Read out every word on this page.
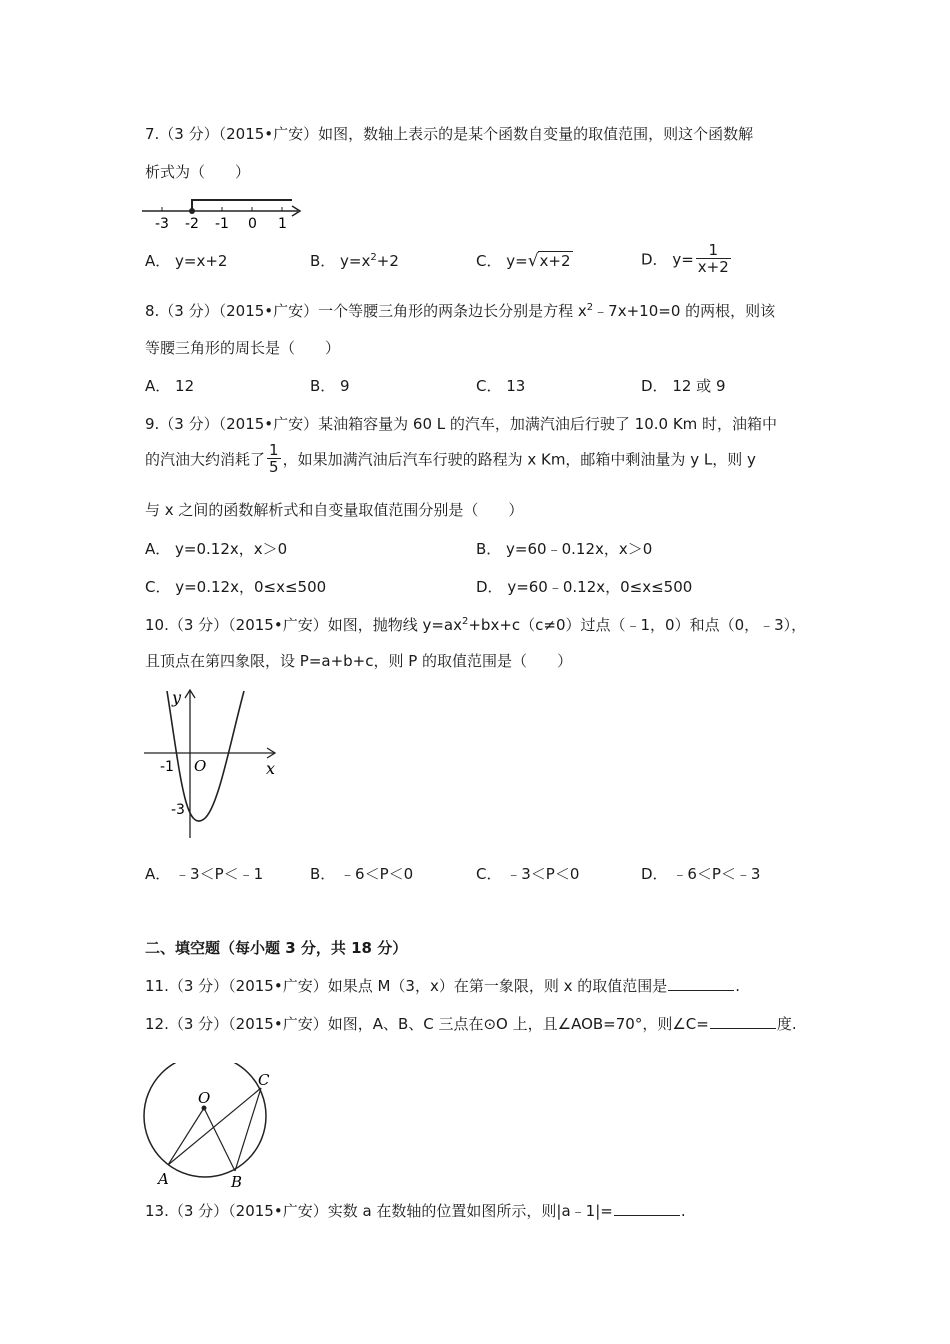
7.（3 分）（2015•广安）如图，数轴上表示的是某个函数自变量的取值范围，则这个函数解
析式为（　　）
-3 -2 -1 0 1
A． y=x+2	B． $y=x^2+2$	C． y=√x+2	D． $y= \frac{1}{x+2}$
8.（3 分）（2015•广安）一个等腰三角形的两条边长分别是方程 $x^2﹣7x+10=0$ 的两根，则该
等腰三角形的周长是（　　）
A． 12	B． 9	C． 13	D． 12 或 9
9.（3 分）（2015•广安）某油箱容量为 60 L 的汽车，加满汽油后行驶了 10.0 Km 时，油箱中
的汽油大约消耗了 $\frac{1}{5}$ ，如果加满汽油后汽车行驶的路程为 x Km，邮箱中剩油量为 y L，则 y
与 x 之间的函数解析式和自变量取值范围分别是（　　）
A． y=0.12x，x＞0	B． y=60﹣0.12x，x＞0
C． y=0.12x，0≤x≤500	D． y=60﹣0.12x，0≤x≤500
10.（3 分）（2015•广安）如图，抛物线 $y=ax^2+bx+c(c\ne 0)$过点（﹣1，0）和点（0，﹣3），
且顶点在第四象限，设 P=a+b+c，则 P 的取值范围是（　　）
y
x
O
-1
-3
A． ﹣3＜P＜﹣1	B． ﹣6＜P＜0	C． ﹣3＜P＜0	D． ﹣6＜P＜﹣3
二、填空题（每小题 3 分，共 18 分）
11.（3 分）（2015•广安）如果点 M（3，x）在第一象限，则 x 的取值范围是	.
12.（3 分）（2015•广安）如图，A、B、C 三点在⊙O 上，且∠AOB=70°，则∠C=	度.
O
A	B
C
13.（3 分）（2015•广安）实数 a 在数轴的位置如图所示，则|a﹣1|=	.
